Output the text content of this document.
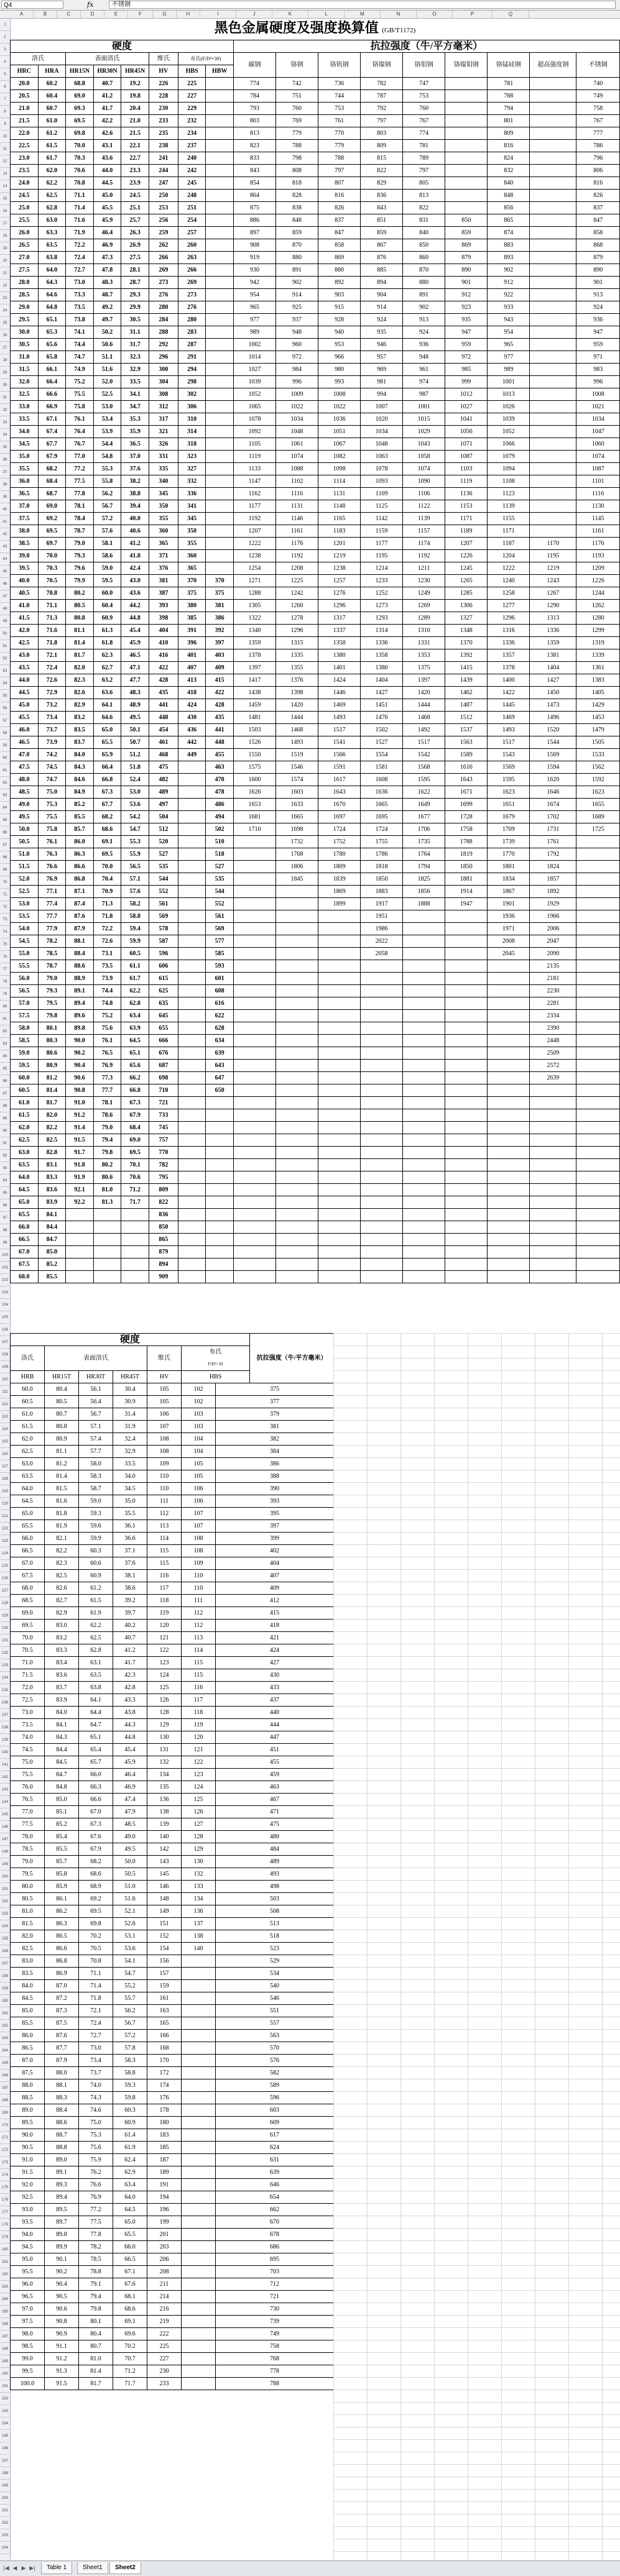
Q4	fx	不锈钢
A	B	C	D	E	F	G	H	I	J	K	L	M	N	O	P	Q
1
2
3
4
5
6
7
8
9
10
11
12
13
14
15
16
17
18
19
20
21
22
23
24
25
26
27
28
29
30
31
32
33
34
35
36
37
38
39
40
41
42
43
44
45
46
47
48
49
50
51
52
53
54
55
56
57
58
59
60
61
62
63
64
65
66
67
68
69
70
71
72
73
74
75
76
77
78
79
80
81
82
83
84
85
86
87
88
89
90
91
92
93
94
95
96
97
98
99
100
101
102
103
104
105
106
107
108
109
110
111
112
113
114
115
116
117
118
119
120
121
122
123
124
125
126
127
128
129
130
131
132
133
134
135
136
137
138
139
140
141
142
143
144
145
146
147
148
149
150
151
152
153
154
155
156
157
158
159
160
161
162
163
164
165
166
167
168
169
170
171
172
173
174
175
176
177
178
179
180
181
182
183
184
185
186
187
188
189
190
191
192
193
194
195
196
197
198
199
200
201
202
203
204
黑色金属硬度及强度换算值 (GB/T1172)																
硬度								抗拉强度（牛/平方毫米）								
洛氏		表面洛氏			维氏	布氏(F/D²=30)		碳钢	铬钢	铬钒钢	铬镍钢	铬钼钢	铬镍钼钢	铬锰硅钢	超高强度钢	不锈钢
HRC	HRA	HR15N	HR30N	HR45N	HV	HBS	HBW									
20.0	60.2	68.8	40.7	19.2	226	225		774	742	736	782	747		781		740
20.5	60.4	69.0	41.2	19.8	228	227		784	751	744	787	753		788		749
21.0	60.7	69.3	41.7	20.4	230	229		793	760	753	792	760		794		758
21.5	61.0	69.5	42.2	21.0	233	232		803	769	761	797	767		801		767
22.0	61.2	69.8	42.6	21.5	235	234		813	779	770	803	774		809		777
22.5	61.5	70.0	43.1	22.1	238	237		823	788	779	809	781		816		786
23.0	61.7	70.3	43.6	22.7	241	240		833	798	788	815	789		824		796
23.5	62.0	70.6	44.0	23.3	244	242		843	808	797	822	797		832		806
24.0	62.2	70.8	44.5	23.9	247	245		854	818	807	829	805		840		816
24.5	62.5	71.1	45.0	24.5	250	248		864	828	816	836	813		848		826
25.0	62.8	71.4	45.5	25.1	253	251		875	838	826	843	822		856		837
25.5	63.0	71.6	45.9	25.7	256	254		886	848	837	851	831	850	865		847
26.0	63.3	71.9	46.4	26.3	259	257		897	859	847	859	840	859	874		858
26.5	63.5	72.2	46.9	26.9	262	260		908	870	858	867	850	869	883		868
27.0	63.8	72.4	47.3	27.5	266	263		919	880	869	876	860	879	893		879
27.5	64.0	72.7	47.8	28.1	269	266		930	891	880	885	870	890	902		890
28.0	64.3	73.0	48.3	28.7	273	269		942	902	892	894	880	901	912		901
28.5	64.6	73.3	48.7	29.3	276	273		954	914	903	904	891	912	922		913
29.0	64.8	73.5	49.2	29.9	280	276		965	925	915	914	902	923	933		924
29.5	65.1	73.8	49.7	30.5	284	280		977	937	928	924	913	935	943		936
30.0	65.3	74.1	50.2	31.1	288	283		989	948	940	935	924	947	954		947
30.5	65.6	74.4	50.6	31.7	292	287		1002	960	953	946	936	959	965		959
31.0	65.8	74.7	51.1	32.3	296	291		1014	972	966	957	948	972	977		971
31.5	66.1	74.9	51.6	32.9	300	294		1027	984	980	969	961	985	989		983
32.0	66.4	75.2	52.0	33.5	304	298		1039	996	993	981	974	999	1001		996
32.5	66.6	75.5	52.5	34.1	308	302		1052	1009	1008	994	987	1012	1013		1008
33.0	66.9	75.8	53.0	34.7	312	306		1065	1022	1022	1007	1001	1027	1026		1021
33.5	67.1	76.1	53.4	35.3	317	310		1078	1034	1036	1020	1015	1041	1039		1034
34.0	67.4	76.4	53.9	35.9	321	314		1092	1048	1051	1034	1029	1056	1052		1047
34.5	67.7	76.7	54.4	36.5	326	318		1105	1061	1067	1048	1043	1071	1066		1060
35.0	67.9	77.0	54.8	37.0	331	323		1119	1074	1082	1063	1058	1087	1079		1074
35.5	68.2	77.2	55.3	37.6	335	327		1133	1088	1098	1078	1074	1103	1094		1087
36.0	68.4	77.5	55.8	38.2	340	332		1147	1102	1114	1093	1090	1119	1108		1101
36.5	68.7	77.8	56.2	38.8	345	336		1162	1116	1131	1109	1106	1136	1123		1116
37.0	69.0	78.1	56.7	39.4	350	341		1177	1131	1148	1125	1122	1153	1139		1130
37.5	69.2	78.4	57.2	40.0	355	345		1192	1146	1165	1142	1139	1171	1155		1145
38.0	69.5	78.7	57.6	40.6	360	350		1207	1161	1183	1159	1157	1189	1171		1161
38.5	69.7	79.0	58.1	41.2	365	355		1222	1176	1201	1177	1174	1207	1187	1170	1176
39.0	70.0	79.3	58.6	41.8	371	360		1238	1192	1219	1195	1192	1226	1204	1195	1193
39.5	70.3	79.6	59.0	42.4	376	365		1254	1208	1238	1214	1211	1245	1222	1219	1209
40.0	70.5	79.9	59.5	43.0	381	370	370	1271	1225	1257	1233	1230	1265	1240	1243	1226
40.5	70.8	80.2	60.0	43.6	387	375	375	1288	1242	1276	1252	1249	1285	1258	1267	1244
41.0	71.1	80.5	60.4	44.2	393	380	381	1305	1260	1296	1273	1269	1306	1277	1290	1262
41.5	71.3	80.8	60.9	44.8	398	385	386	1322	1278	1317	1293	1289	1327	1296	1313	1280
42.0	71.6	81.1	61.3	45.4	404	391	392	1340	1296	1337	1314	1310	1348	1316	1336	1299
42.5	71.8	81.4	61.8	45.9	410	396	397	1359	1315	1358	1336	1331	1370	1336	1359	1319
43.0	72.1	81.7	62.3	46.5	416	401	403	1378	1335	1380	1358	1353	1392	1357	1381	1339
43.5	72.4	82.0	62.7	47.1	422	407	409	1397	1355	1401	1380	1375	1415	1378	1404	1361
44.0	72.6	82.3	63.2	47.7	428	413	415	1417	1376	1424	1404	1397	1439	1400	1427	1383
44.5	72.9	82.6	63.6	48.3	435	418	422	1438	1398	1446	1427	1420	1462	1422	1450	1405
45.0	73.2	82.9	64.1	48.9	441	424	428	1459	1420	1469	1451	1444	1487	1445	1473	1429
45.5	73.4	83.2	64.6	49.5	448	430	435	1481	1444	1493	1476	1468	1512	1469	1496	1453
46.0	73.7	83.5	65.0	50.1	454	436	441	1503	1468	1517	1502	1492	1537	1493	1520	1479
46.5	73.9	83.7	65.5	50.7	461	442	448	1526	1493	1541	1527	1517	1563	1517	1544	1505
47.0	74.2	84.0	65.9	51.2	468	449	455	1550	1519	1566	1554	1542	1589	1543	1569	1533
47.5	74.5	84.3	66.4	51.8	475		463	1575	1546	1591	1581	1568	1616	1569	1594	1562
48.0	74.7	84.6	66.8	52.4	482		470	1600	1574	1617	1608	1595	1643	1595	1620	1592
48.5	75.0	84.9	67.3	53.0	489		478	1626	1603	1643	1636	1622	1671	1623	1646	1623
49.0	75.3	85.2	67.7	53.6	497		486	1653	1633	1670	1665	1649	1699	1651	1674	1655
49.5	75.5	85.5	68.2	54.2	504		494	1681	1665	1697	1695	1677	1728	1679	1702	1689
50.0	75.8	85.7	68.6	54.7	512		502	1710	1698	1724	1724	1706	1758	1709	1731	1725
50.5	76.1	86.0	69.1	55.3	520		510		1732	1752	1755	1735	1788	1739	1761	
51.0	76.3	86.3	69.5	55.9	527		518		1768	1780	1786	1764	1819	1770	1792	
51.5	76.6	86.6	70.0	56.5	535		527		1806	1809	1818	1794	1850	1801	1824	
52.0	76.9	86.8	70.4	57.1	544		535		1845	1839	1850	1825	1881	1834	1857	
52.5	77.1	87.1	70.9	57.6	552		544			1869	1883	1856	1914	1867	1892	
53.0	77.4	87.4	71.3	58.2	561		552			1899	1917	1888	1947	1901	1929	
53.5	77.7	87.6	71.8	58.8	569		561				1951			1936	1966	
54.0	77.9	87.9	72.2	59.4	578		569				1986			1971	2006	
54.5	78.2	88.1	72.6	59.9	587		577				2022			2008	2047	
55.0	78.5	88.4	73.1	60.5	596		585				2058			2045	2090	
55.5	78.7	88.6	73.5	61.1	606		593								2135	
56.0	79.0	88.9	73.9	61.7	615		601								2181	
56.5	79.3	89.1	74.4	62.2	625		608								2230	
57.0	79.5	89.4	74.8	62.8	635		616								2281	
57.5	79.8	89.6	75.2	63.4	645		622								2334	
58.0	80.1	89.8	75.6	63.9	655		628								2390	
58.5	80.3	90.0	76.1	64.5	666		634								2448	
59.0	80.6	90.2	76.5	65.1	676		639								2509	
59.5	80.9	90.4	76.9	65.6	687		643								2572	
60.0	81.2	90.6	77.3	66.2	698		647								2639	
60.5	81.4	90.8	77.7	66.8	710		650									
61.0	81.7	91.0	78.1	67.3	721											
61.5	82.0	91.2	78.6	67.9	733											
62.0	82.2	91.4	79.0	68.4	745											
62.5	82.5	91.5	79.4	69.0	757											
63.0	82.8	91.7	79.8	69.5	770											
63.5	83.1	91.8	80.2	70.1	782											
64.0	83.3	91.9	80.6	70.6	795											
64.5	83.6	92.1	81.0	71.2	809											
65.0	83.9	92.2	81.3	71.7	822											
65.5	84.1				836											
66.0	84.4				850											
66.5	84.7				865											
67.0	85.0				879											
67.5	85.2				894											
68.0	85.5				909											
硬度							抗拉强度（牛/平方毫米）
洛氏	表面洛氏			维氏	布氏
F/D²=10		
HRB	HR15T	HR30T	HR45T	HV	HBS		
60.0	80.4	56.1	30.4	105	102	375	
60.5	80.5	56.4	30.9	105	102	377	
61.0	80.7	56.7	31.4	106	103	379	
61.5	80.8	57.1	31.9	107	103	381	
62.0	80.9	57.4	32.4	108	104	382	
62.5	81.1	57.7	32.9	108	104	384	
63.0	81.2	58.0	33.5	109	105	386	
63.5	81.4	58.3	34.0	110	105	388	
64.0	81.5	58.7	34.5	110	106	390	
64.5	81.6	59.0	35.0	111	106	393	
65.0	81.8	59.3	35.5	112	107	395	
65.5	81.9	59.6	36.1	113	107	397	
66.0	82.1	59.9	36.6	114	108	399	
66.5	82.2	60.3	37.1	115	108	402	
67.0	82.3	60.6	37.6	115	109	404	
67.5	82.5	60.9	38.1	116	110	407	
68.0	82.6	61.2	38.6	117	110	409	
68.5	82.7	61.5	39.2	118	111	412	
69.0	82.9	61.9	39.7	119	112	415	
69.5	83.0	62.2	40.2	120	112	418	
70.0	83.2	62.5	40.7	121	113	421	
70.5	83.3	62.8	41.2	122	114	424	
71.0	83.4	63.1	41.7	123	115	427	
71.5	83.6	63.5	42.3	124	115	430	
72.0	83.7	63.8	42.8	125	116	433	
72.5	83.9	64.1	43.3	126	117	437	
73.0	84.0	64.4	43.8	128	118	440	
73.5	84.1	64.7	44.3	129	119	444	
74.0	84.3	65.1	44.8	130	120	447	
74.5	84.4	65.4	45.4	131	121	451	
75.0	84.5	65.7	45.9	132	122	455	
75.5	84.7	66.0	46.4	134	123	459	
76.0	84.8	66.3	46.9	135	124	463	
76.5	85.0	66.6	47.4	136	125	467	
77.0	85.1	67.0	47.9	138	126	471	
77.5	85.2	67.3	48.5	139	127	475	
78.0	85.4	67.6	49.0	140	128	480	
78.5	85.5	67.9	49.5	142	129	484	
79.0	85.7	68.2	50.0	143	130	489	
79.5	85.8	68.6	50.5	145	132	493	
80.0	85.9	68.9	51.0	146	133	498	
80.5	86.1	69.2	51.6	148	134	503	
81.0	86.2	69.5	52.1	149	136	508	
81.5	86.3	69.8	52.6	151	137	513	
82.0	86.5	70.2	53.1	152	138	518	
82.5	86.6	70.5	53.6	154	140	523	
83.0	86.8	70.8	54.1	156		529	
83.5	86.9	71.1	54.7	157		534	
84.0	87.0	71.4	55.2	159		540	
84.5	87.2	71.8	55.7	161		546	
85.0	87.3	72.1	56.2	163		551	
85.5	87.5	72.4	56.7	165		557	
86.0	87.6	72.7	57.2	166		563	
86.5	87.7	73.0	57.8	168		570	
87.0	87.9	73.4	58.3	170		576	
87.5	88.0	73.7	58.8	172		582	
88.0	88.1	74.0	59.3	174		589	
88.5	88.3	74.3	59.8	176		596	
89.0	88.4	74.6	60.3	178		603	
89.5	88.6	75.0	60.9	180		609	
90.0	88.7	75.3	61.4	183		617	
90.5	88.8	75.6	61.9	185		624	
91.0	89.0	75.9	62.4	187		631	
91.5	89.1	76.2	62.9	189		639	
92.0	89.3	76.6	63.4	191		646	
92.5	89.4	76.9	64.0	194		654	
93.0	89.5	77.2	64.5	196		662	
93.5	89.7	77.5	65.0	199		670	
94.0	89.8	77.8	65.5	201		678	
94.5	89.9	78.2	66.0	203		686	
95.0	90.1	78.5	66.5	206		695	
95.5	90.2	78.8	67.1	208		703	
96.0	90.4	79.1	67.6	211		712	
96.5	90.5	79.4	68.1	214		721	
97.0	90.6	79.8	68.6	216		730	
97.5	90.8	80.1	69.1	219		739	
98.0	90.9	80.4	69.6	222		749	
98.5	91.1	80.7	70.2	225		758	
99.0	91.2	81.0	70.7	227		768	
99.5	91.3	81.4	71.2	230		778	
100.0	91.5	81.7	71.7	233		788	
|◀ ◀ ▶ ▶|	Table 1	Sheet1	Sheet2
